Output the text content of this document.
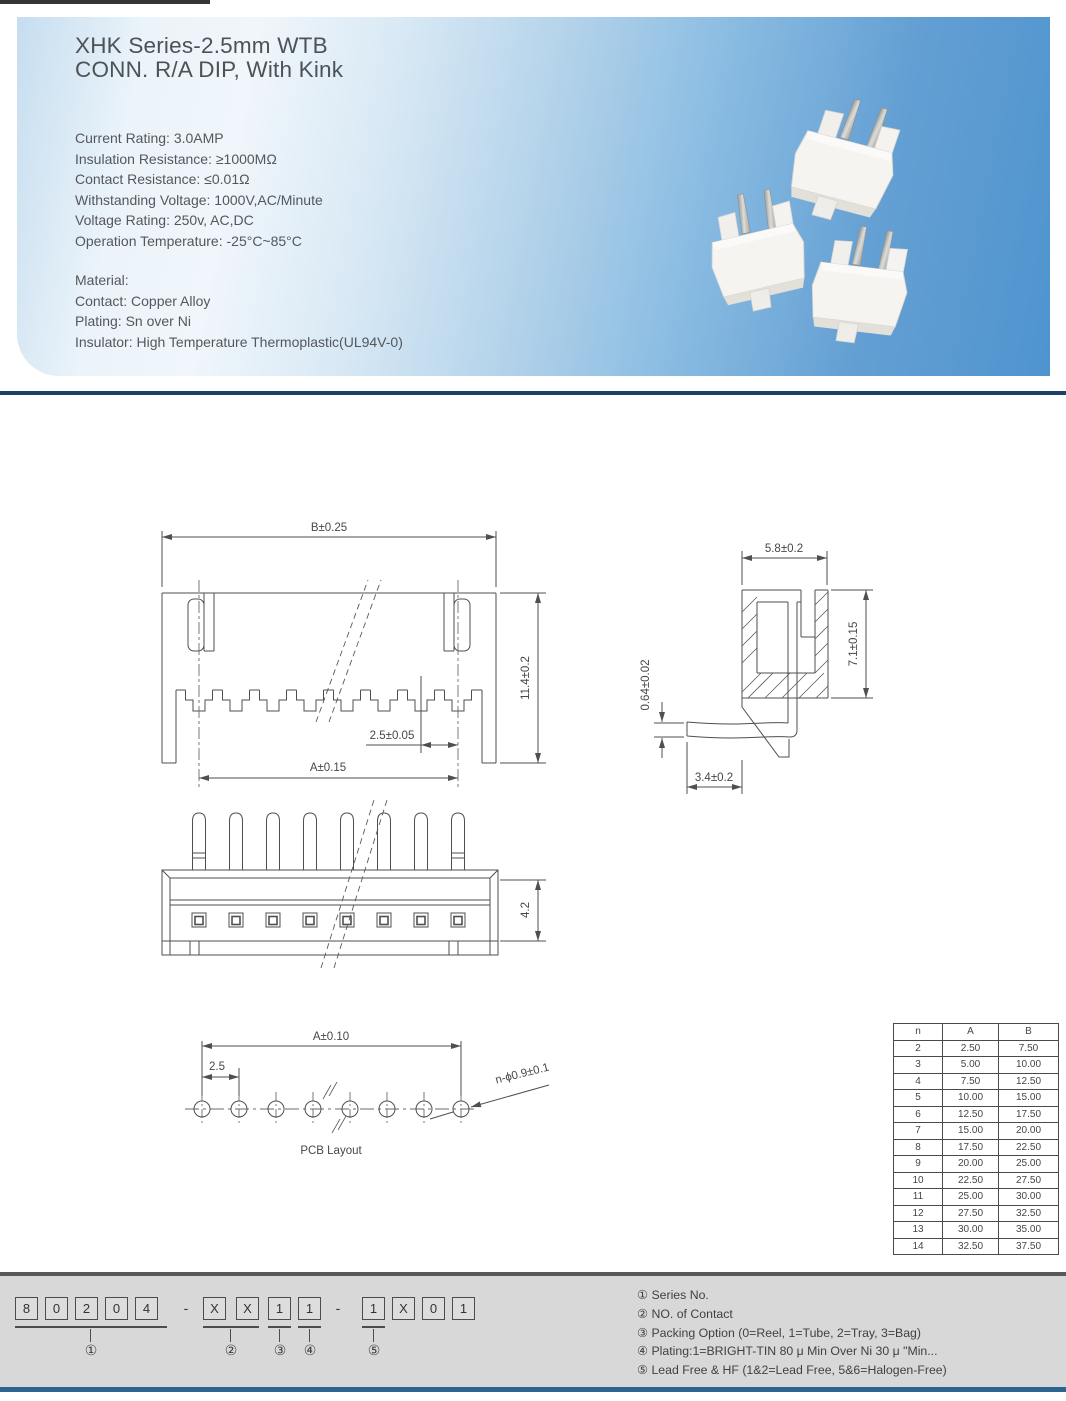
XHK Series-2.5mm WTB
CONN. R/A DIP, With Kink
Current Rating: 3.0AMP
Insulation Resistance: ≥1000MΩ
Contact Resistance: ≤0.01Ω
Withstanding Voltage: 1000V,AC/Minute
Voltage Rating: 250v, AC,DC
Operation Temperature: -25°C~85°C
Material:
Contact: Copper Alloy
Plating: Sn over Ni
Insulator: High Temperature Thermoplastic(UL94V-0)
B±0.25
11.4±0.2
2.5±0.05
A±0.15
5.8±0.2
7.1±0.15
0.64±0.02
3.4±0.2
4.2
A±0.10
2.5	n-ϕ0.9±0.1
PCB Layout
n	A	B
2	2.50	7.50
3	5.00	10.00
4	7.50	12.50
5	10.00	15.00
6	12.50	17.50
7	15.00	20.00
8	17.50	22.50
9	20.00	25.00
10	22.50	27.50
11	25.00	30.00
12	27.50	32.50
13	30.00	35.00
14	32.50	37.50
8	0	2	0	4	-	X	X	1	1	-	1	X	0	1
①	②	③ ④	⑤
① Series No.
② NO. of Contact
③ Packing Option (0=Reel, 1=Tube, 2=Tray, 3=Bag)
④ Plating:1=BRIGHT-TIN 80 μ Min Over Ni 30 μ "Min...
⑤ Lead Free & HF (1&2=Lead Free, 5&6=Halogen-Free)
